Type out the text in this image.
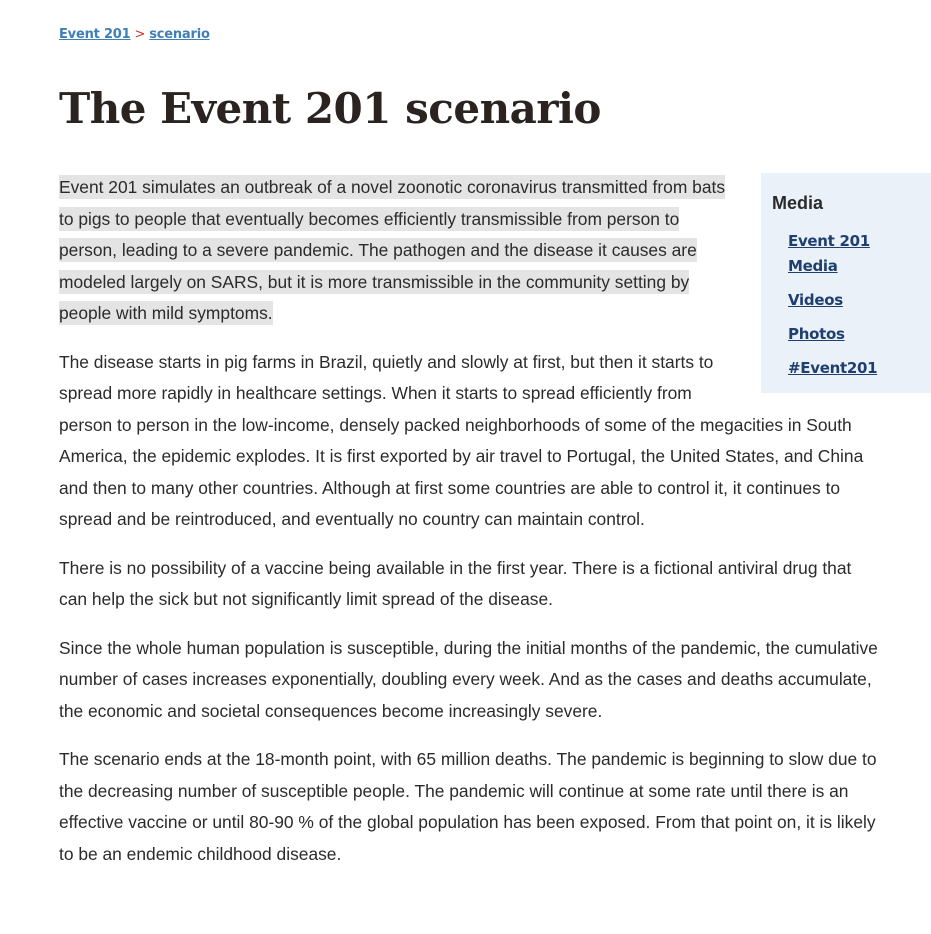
Event 201 > scenario
The Event 201 scenario
Media
Event 201 Media
Videos
Photos
#Event201

Event 201 simulates an outbreak of a novel zoonotic coronavirus transmitted from bats to pigs to people that eventually becomes efficiently transmissible from person to person, leading to a severe pandemic. The pathogen and the disease it causes are modeled largely on SARS, but it is more transmissible in the community setting by people with mild symptoms.

The disease starts in pig farms in Brazil, quietly and slowly at first, but then it starts to spread more rapidly in healthcare settings. When it starts to spread efficiently from person to person in the low-income, densely packed neighborhoods of some of the megacities in South America, the epidemic explodes. It is first exported by air travel to Portugal, the United States, and China and then to many other countries. Although at first some countries are able to control it, it continues to spread and be reintroduced, and eventually no country can maintain control.

There is no possibility of a vaccine being available in the first year. There is a fictional antiviral drug that can help the sick but not significantly limit spread of the disease.

Since the whole human population is susceptible, during the initial months of the pandemic, the cumulative number of cases increases exponentially, doubling every week. And as the cases and deaths accumulate, the economic and societal consequences become increasingly severe.

The scenario ends at the 18-month point, with 65 million deaths. The pandemic is beginning to slow due to the decreasing number of susceptible people. The pandemic will continue at some rate until there is an effective vaccine or until 80-90 % of the global population has been exposed. From that point on, it is likely to be an endemic childhood disease.
